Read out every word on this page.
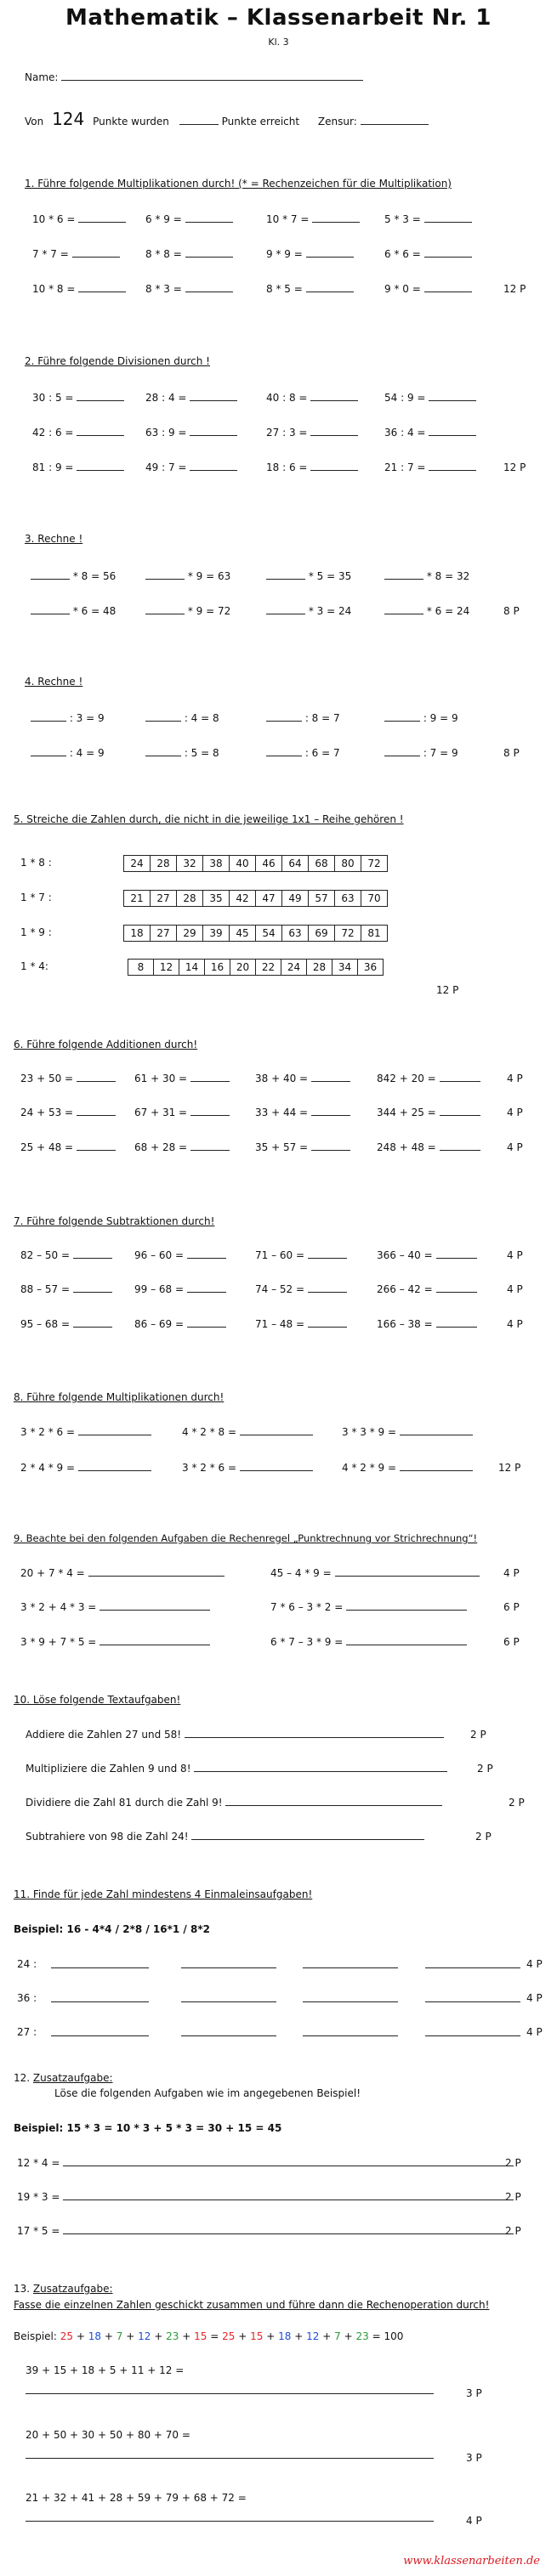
Mathematik – Klassenarbeit Nr. 1
Kl. 3
Name:
Von 124 Punkte wurden	Punkte erreicht Zensur:
1. Führe folgende Multiplikationen durch! (* = Rechenzeichen für die Multiplikation)
10 * 6 =	6 * 9 =	10 * 7 =	5 * 3 =
7 * 7 =	8 * 8 =	9 * 9 =	6 * 6 =
10 * 8 =	8 * 3 =	8 * 5 =	9 * 0 =	12 P
2. Führe folgende Divisionen durch !
30 : 5 =	28 : 4 =	40 : 8 =	54 : 9 =
42 : 6 =	63 : 9 =	27 : 3 =	36 : 4 =
81 : 9 =	49 : 7 =	18 : 6 =	21 : 7 =	12 P
3. Rechne !
* 8 = 56	* 9 = 63	* 5 = 35	* 8 = 32
* 6 = 48	* 9 = 72	* 3 = 24	* 6 = 24	8 P
4. Rechne !
: 3 = 9	: 4 = 8	: 8 = 7	: 9 = 9
: 4 = 9	: 5 = 8	: 6 = 7	: 7 = 9	8 P
5. Streiche die Zahlen durch, die nicht in die jeweilige 1x1 – Reihe gehören !
1 * 8 :	24	28	32	38	40	46	64	68	80	72
1 * 7 :	21	27	28	35	42	47	49	57	63	70
1 * 9 :	18	27	29	39	45	54	63	69	72	81
1 * 4:	8	12	14	16	20	22	24	28	34	36
12 P
6. Führe folgende Additionen durch!
23 + 50 =	61 + 30 =	38 + 40 =	842 + 20 =	4 P
24 + 53 =	67 + 31 =	33 + 44 =	344 + 25 =	4 P
25 + 48 =	68 + 28 =	35 + 57 =	248 + 48 =	4 P
7. Führe folgende Subtraktionen durch!
82 – 50 =	96 – 60 =	71 – 60 =	366 – 40 =	4 P
88 – 57 =	99 – 68 =	74 – 52 =	266 – 42 =	4 P
95 – 68 =	86 – 69 =	71 – 48 =	166 – 38 =	4 P
8. Führe folgende Multiplikationen durch!
3 * 2 * 6 =	4 * 2 * 8 =	3 * 3 * 9 =
2 * 4 * 9 =	3 * 2 * 6 =	4 * 2 * 9 =	12 P
9. Beachte bei den folgenden Aufgaben die Rechenregel „Punktrechnung vor Strichrechnung“!
20 + 7 * 4 =	45 – 4 * 9 =	4 P
3 * 2 + 4 * 3 =	7 * 6 – 3 * 2 =	6 P
3 * 9 + 7 * 5 =	6 * 7 – 3 * 9 =	6 P
10. Löse folgende Textaufgaben!
Addiere die Zahlen 27 und 58!	2 P
Multipliziere die Zahlen 9 und 8!	2 P
Dividiere die Zahl 81 durch die Zahl 9!	2 P
Subtrahiere von 98 die Zahl 24!	2 P
11. Finde für jede Zahl mindestens 4 Einmaleinsaufgaben!
Beispiel: 16 - 4*4 / 2*8 / 16*1 / 8*2
24 :	4 P
36 :	4 P
27 :	4 P
12. Zusatzaufgabe:
Löse die folgenden Aufgaben wie im angegebenen Beispiel!
Beispiel: 15 * 3 = 10 * 3 + 5 * 3 = 30 + 15 = 45
12 * 4 =	2 P
19 * 3 =	2 P
17 * 5 =	2 P
13. Zusatzaufgabe:
Fasse die einzelnen Zahlen geschickt zusammen und führe dann die Rechenoperation durch!
Beispiel: 25 + 18 + 7 + 12 + 23 + 15 = 25 + 15 + 18 + 12 + 7 + 23 = 100
39 + 15 + 18 + 5 + 11 + 12 =
3 P
20 + 50 + 30 + 50 + 80 + 70 =
3 P
21 + 32 + 41 + 28 + 59 + 79 + 68 + 72 =
4 P
www.klassenarbeiten.de
